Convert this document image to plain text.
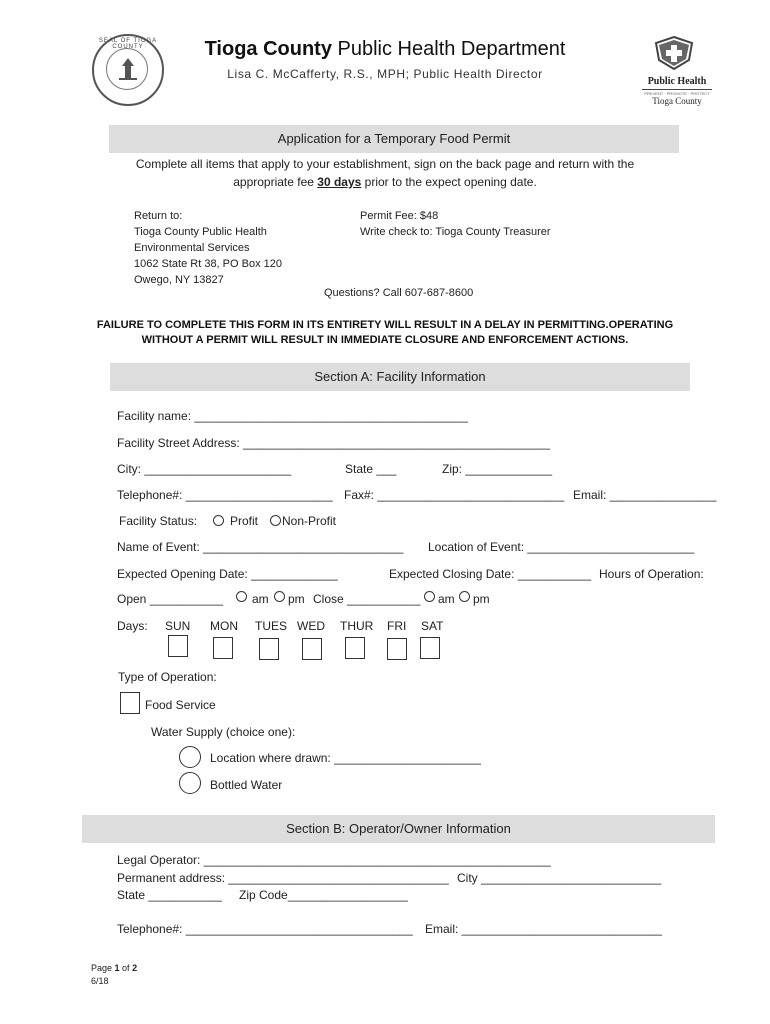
SEAL OF TIOGA COUNTY	Tioga County Public Health Department
Lisa C. McCafferty, R.S., MPH; Public Health Director
Public Health
PREVENT · PROMOTE · PROTECT
Tioga County
Application for a Temporary Food Permit
Complete all items that apply to your establishment, sign on the back page and return with the
appropriate fee 30 days prior to the expect opening date.
Return to:
Tioga County Public Health
Environmental Services
1062 State Rt 38, PO Box 120
Owego, NY 13827
Permit Fee: $48
Write check to: Tioga County Treasurer
Questions? Call 607-687-8600
FAILURE TO COMPLETE THIS FORM IN ITS ENTIRETY WILL RESULT IN A DELAY IN PERMITTING.OPERATING
WITHOUT A PERMIT WILL RESULT IN IMMEDIATE CLOSURE AND ENFORCEMENT ACTIONS.
Section A: Facility Information
Facility name: _________________________________________
Facility Street Address: ______________________________________________
City: ______________________	State ___	Zip: _____________
Telephone#: ______________________ Fax#: ____________________________ Email: ________________
Facility Status:	Profit Non-Profit
Name of Event: ______________________________ Location of Event: _________________________
Expected Opening Date: _____________	Expected Closing Date: ___________ Hours of Operation:
Open ___________ am pm Close ___________ am pm
Days: SUN MON TUES WED THUR FRI SAT
Type of Operation:
Food Service
Water Supply (choice one):
Location where drawn: ______________________
Bottled Water
Section B: Operator/Owner Information
Legal Operator: ____________________________________________________
Permanent address: _________________________________ City ___________________________
State ___________ Zip Code__________________
Telephone#: __________________________________ Email: ______________________________
Page 1 of 2
6/18
